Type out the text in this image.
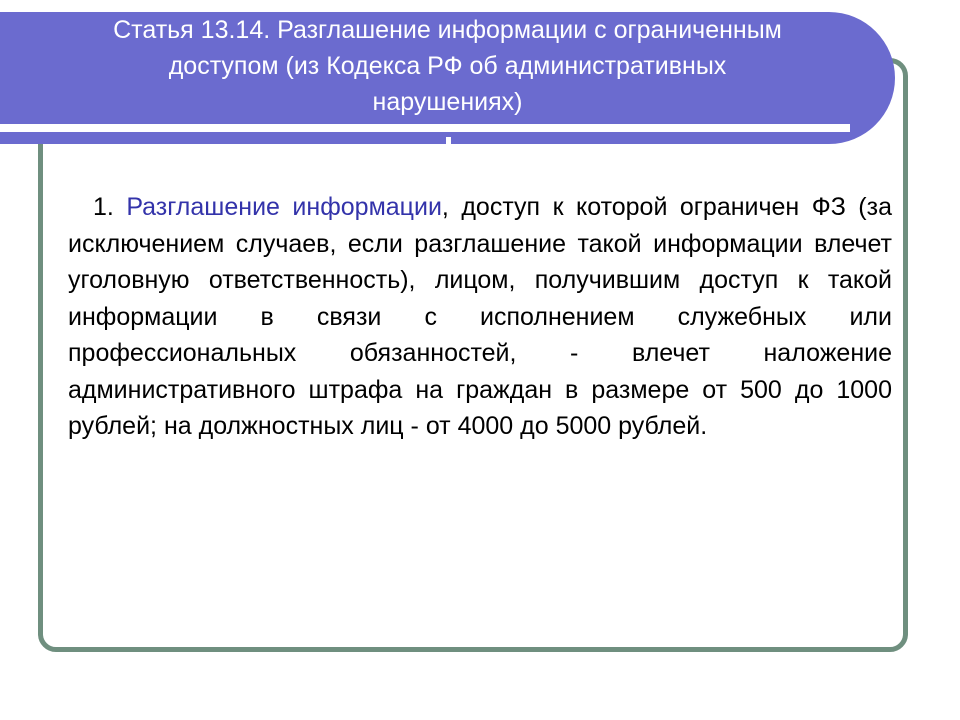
Статья 13.14. Разглашение информации с ограниченным
доступом (из Кодекса РФ об административных
нарушениях)
1. Разглашение информации, доступ к которой ограничен ФЗ (за исключением случаев, если разглашение такой информации влечет уголовную ответственность), лицом, получившим доступ к такой информации в связи с исполнением служебных или профессиональных обязанностей, - влечет наложение административного штрафа на граждан в размере от 500 до 1000 рублей; на должностных лиц - от 4000 до 5000 рублей.
